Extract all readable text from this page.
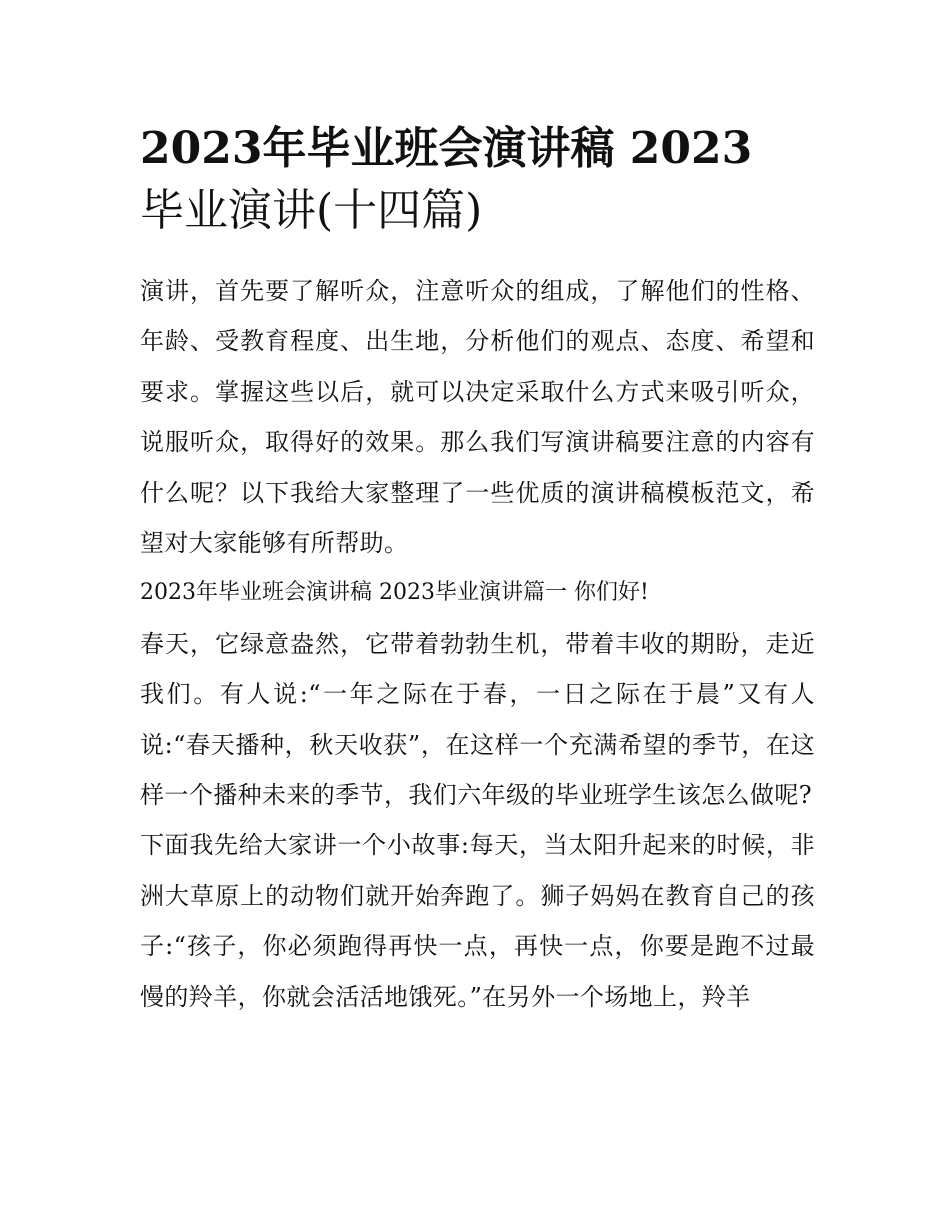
2023年毕业班会演讲稿 2023
毕业演讲(十四篇)

演讲，首先要了解听众，注意听众的组成，了解他们的性格、年龄、受教育程度、出生地，分析他们的观点、态度、希望和要求。掌握这些以后，就可以决定采取什么方式来吸引听众，说服听众，取得好的效果。那么我们写演讲稿要注意的内容有什么呢？以下我给大家整理了一些优质的演讲稿模板范文，希望对大家能够有所帮助。

2023年毕业班会演讲稿 2023毕业演讲篇一 你们好!

春天，它绿意盎然，它带着勃勃生机，带着丰收的期盼，走近我们。有人说:“一年之际在于春，一日之际在于晨”又有人说:“春天播种，秋天收获”，在这样一个充满希望的季节，在这样一个播种未来的季节，我们六年级的毕业班学生该怎么做呢?

下面我先给大家讲一个小故事:每天，当太阳升起来的时候，非洲大草原上的动物们就开始奔跑了。狮子妈妈在教育自己的孩子:“孩子，你必须跑得再快一点，再快一点，你要是跑不过最慢的羚羊，你就会活活地饿死。”在另外一个场地上，羚羊
